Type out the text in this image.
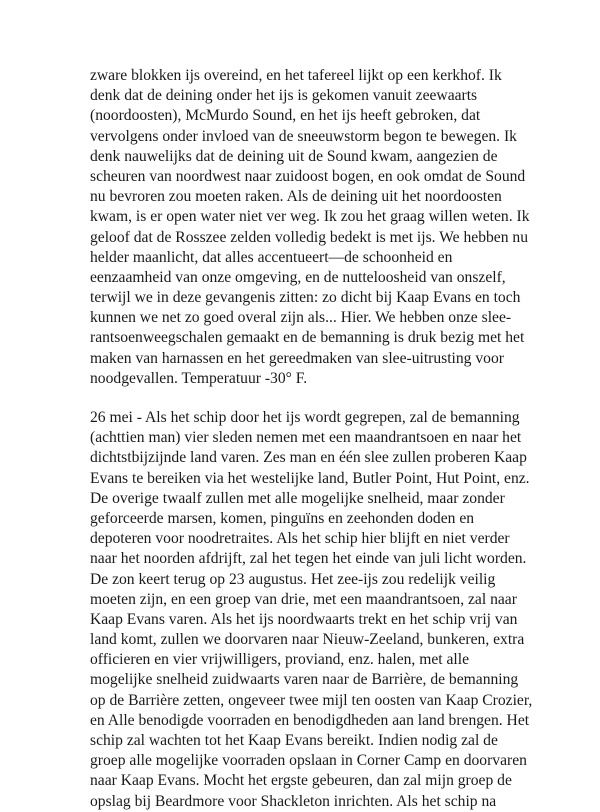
zware blokken ijs overeind, en het tafereel lijkt op een kerkhof. Ik
denk dat de deining onder het ijs is gekomen vanuit zeewaarts
(noordoosten), McMurdo Sound, en het ijs heeft gebroken, dat
vervolgens onder invloed van de sneeuwstorm begon te bewegen. Ik
denk nauwelijks dat de deining uit de Sound kwam, aangezien de
scheuren van noordwest naar zuidoost bogen, en ook omdat de Sound
nu bevroren zou moeten raken. Als de deining uit het noordoosten
kwam, is er open water niet ver weg. Ik zou het graag willen weten. Ik
geloof dat de Rosszee zelden volledig bedekt is met ijs. We hebben nu
helder maanlicht, dat alles accentueert—de schoonheid en
eenzaamheid van onze omgeving, en de nutteloosheid van onszelf,
terwijl we in deze gevangenis zitten: zo dicht bij Kaap Evans en toch
kunnen we net zo goed overal zijn als... Hier. We hebben onze slee-
rantsoenweegschalen gemaakt en de bemanning is druk bezig met het
maken van harnassen en het gereedmaken van slee-uitrusting voor
noodgevallen. Temperatuur -30° F.
26 mei - Als het schip door het ijs wordt gegrepen, zal de bemanning
(achttien man) vier sleden nemen met een maandrantsoen en naar het
dichtstbijzijnde land varen. Zes man en één slee zullen proberen Kaap
Evans te bereiken via het westelijke land, Butler Point, Hut Point, enz.
De overige twaalf zullen met alle mogelijke snelheid, maar zonder
geforceerde marsen, komen, pinguïns en zeehonden doden en
depoteren voor noodretraites. Als het schip hier blijft en niet verder
naar het noorden afdrijft, zal het tegen het einde van juli licht worden.
De zon keert terug op 23 augustus. Het zee-ijs zou redelijk veilig
moeten zijn, en een groep van drie, met een maandrantsoen, zal naar
Kaap Evans varen. Als het ijs noordwaarts trekt en het schip vrij van
land komt, zullen we doorvaren naar Nieuw-Zeeland, bunkeren, extra
officieren en vier vrijwilligers, proviand, enz. halen, met alle
mogelijke snelheid zuidwaarts varen naar de Barrière, de bemanning
op de Barrière zetten, ongeveer twee mijl ten oosten van Kaap Crozier,
en Alle benodigde voorraden en benodigdheden aan land brengen. Het
schip zal wachten tot het Kaap Evans bereikt. Indien nodig zal de
groep alle mogelijke voorraden opslaan in Corner Camp en doorvaren
naar Kaap Evans. Mocht het ergste gebeuren, dan zal mijn groep de
opslag bij Beardmore voor Shackleton inrichten. Als het schip na
